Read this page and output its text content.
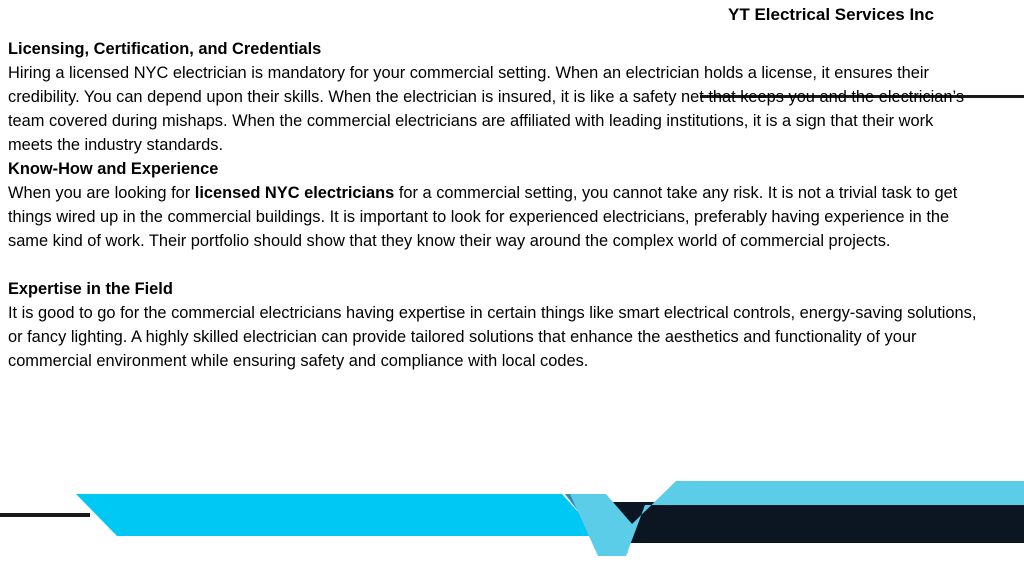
YT Electrical Services Inc

Licensing, Certification, and Credentials

Hiring a licensed NYC electrician is mandatory for your commercial setting. When an electrician holds a license, it ensures their credibility. You can depend upon their skills. When the electrician is insured, it is like a safety net that keeps you and the electrician’s team covered during mishaps. When the commercial electricians are affiliated with leading institutions, it is a sign that their work meets the industry standards.

Know-How and Experience

When you are looking for licensed NYC electricians for a commercial setting, you cannot take any risk. It is not a trivial task to get things wired up in the commercial buildings. It is important to look for experienced electricians, preferably having experience in the same kind of work. Their portfolio should show that they know their way around the complex world of commercial projects.

Expertise in the Field

It is good to go for the commercial electricians having expertise in certain things like smart electrical controls, energy-saving solutions, or fancy lighting. A highly skilled electrician can provide tailored solutions that enhance the aesthetics and functionality of your commercial environment while ensuring safety and compliance with local codes.
